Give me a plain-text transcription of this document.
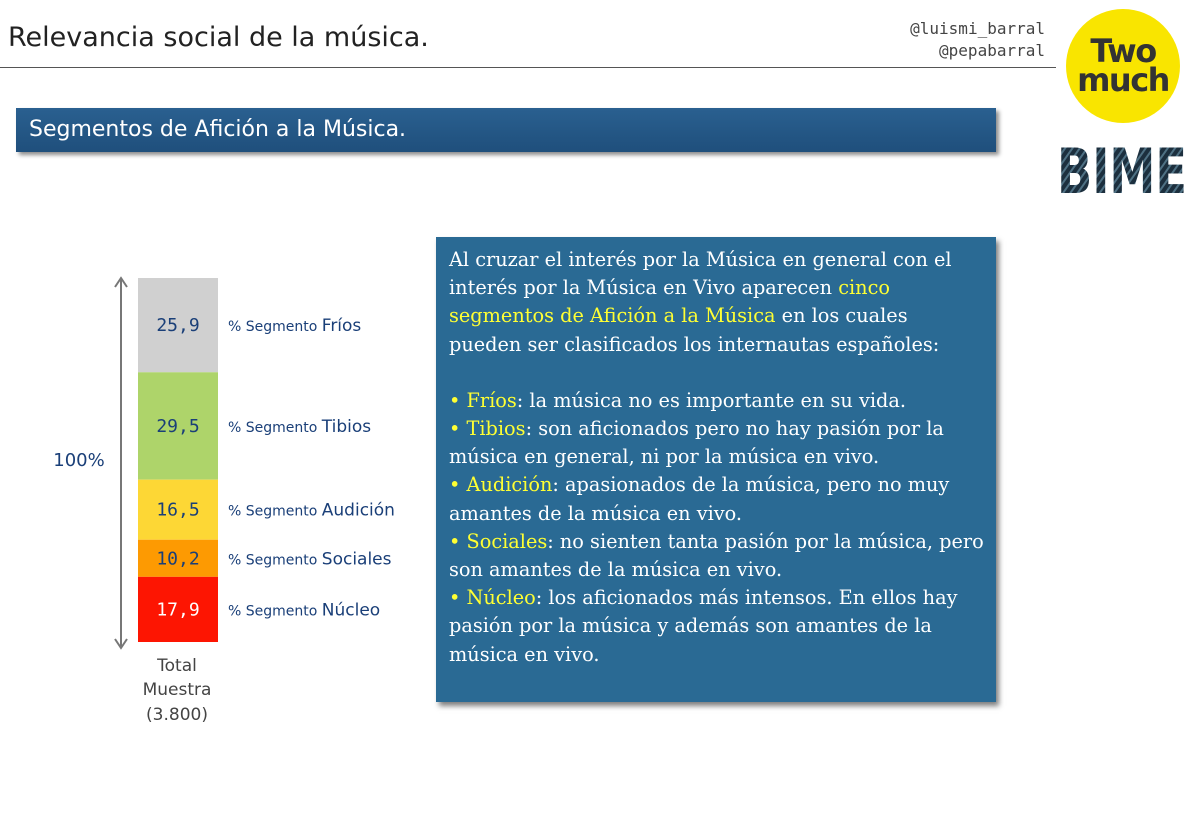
Relevancia social de la música.	@luismi_barral
@pepabarral	Two
much
BIME
Segmentos de Afición a la Música.
100%
25,9 % Segmento Fríos
29,5 % Segmento Tibios
16,5 % Segmento Audición
10,2 % Segmento Sociales
17,9 % Segmento Núcleo
Total
Muestra
(3.800)

Al cruzar el interés por la Música en general con el interés por la Música en Vivo aparecen cinco segmentos de Afición a la Música en los cuales pueden ser clasificados los internautas españoles:

• Fríos: la música no es importante en su vida.

• Tibios: son aficionados pero no hay pasión por la música en general, ni por la música en vivo.

• Audición: apasionados de la música, pero no muy amantes de la música en vivo.

• Sociales: no sienten tanta pasión por la música, pero son amantes de la música en vivo.

• Núcleo: los aficionados más intensos. En ellos hay pasión por la música y además son amantes de la música en vivo.
